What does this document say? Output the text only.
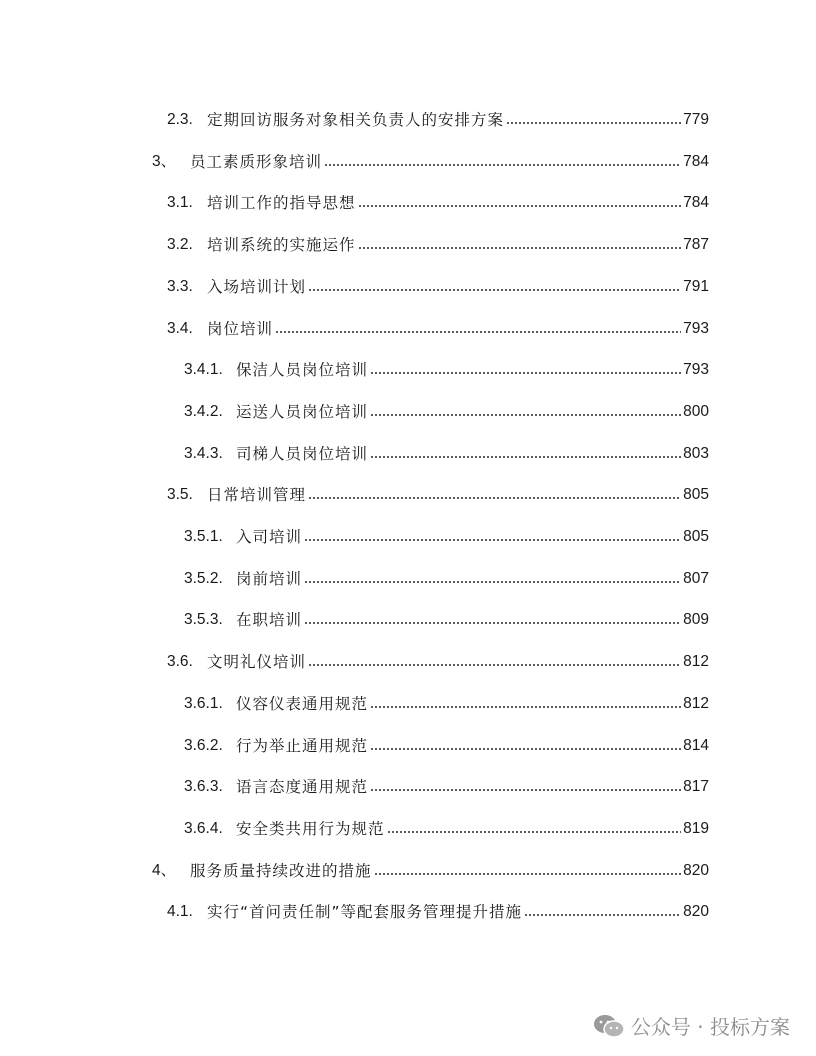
2.3. 定期回访服务对象相关负责人的安排方案	779
3、 员工素质形象培训	784
3.1. 培训工作的指导思想	784
3.2. 培训系统的实施运作	787
3.3. 入场培训计划	791
3.4. 岗位培训	793
3.4.1. 保洁人员岗位培训	793
3.4.2. 运送人员岗位培训	800
3.4.3. 司梯人员岗位培训	803
3.5. 日常培训管理	805
3.5.1. 入司培训	805
3.5.2. 岗前培训	807
3.5.3. 在职培训	809
3.6. 文明礼仪培训	812
3.6.1. 仪容仪表通用规范	812
3.6.2. 行为举止通用规范	814
3.6.3. 语言态度通用规范	817
3.6.4. 安全类共用行为规范	819
4、 服务质量持续改进的措施	820
4.1. 实行“首问责任制”等配套服务管理提升措施	820
公众号 · 投标方案
